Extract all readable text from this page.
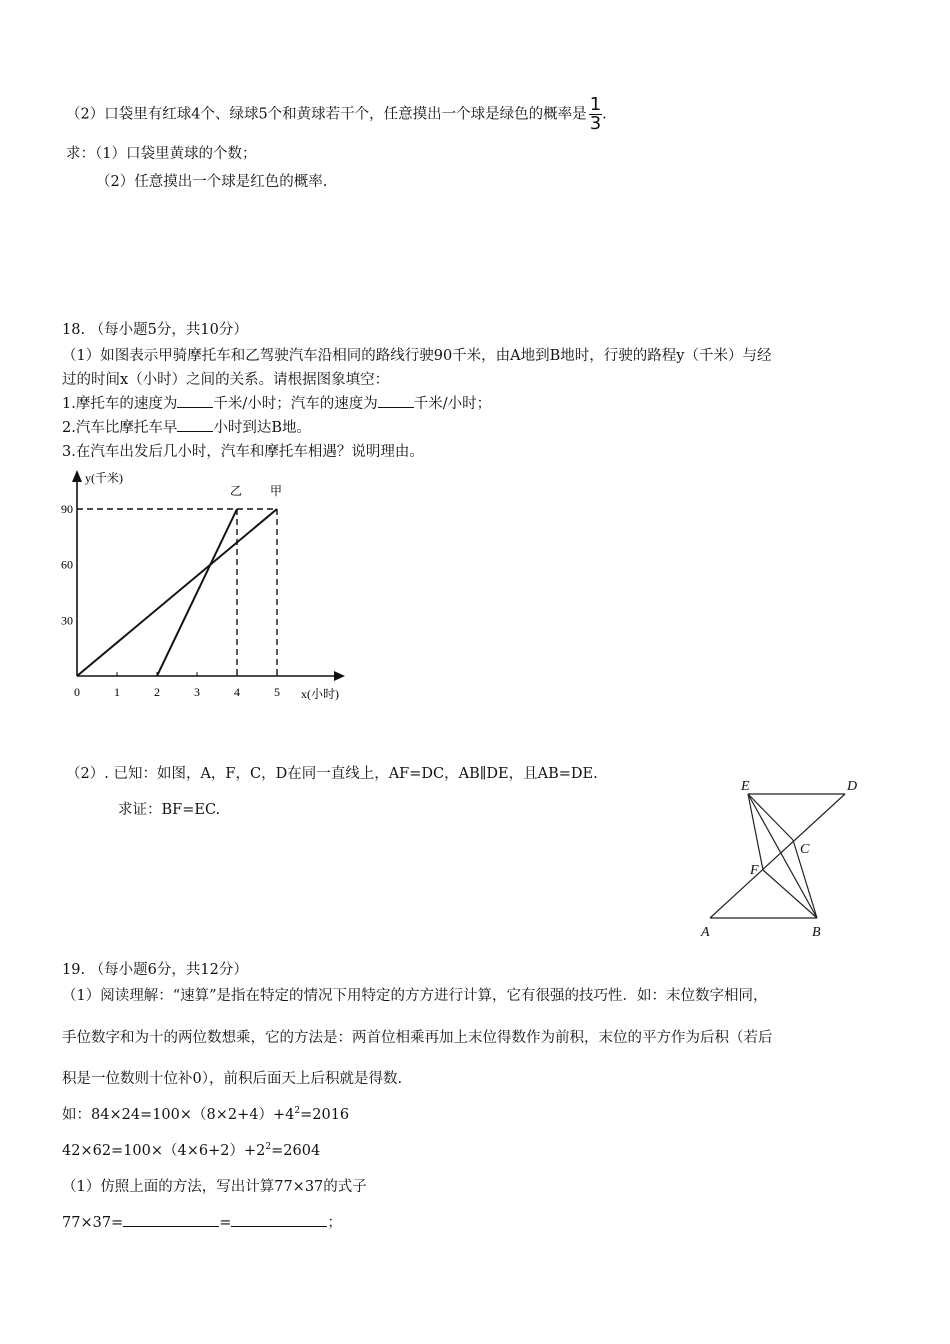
（2）口袋里有红球4个、绿球5个和黄球若干个，任意摸出一个球是绿色的概率是 $\frac{1}{3}$ .
求：（1）口袋里黄球的个数；
（2）任意摸出一个球是红色的概率.
18. （每小题5分，共10分）
（1）如图表示甲骑摩托车和乙驾驶汽车沿相同的路线行驶90千米，由A地到B地时，行驶的路程y（千米）与经
过的时间x（小时）之间的关系。请根据图象填空：
1.摩托车的速度为 千米/小时；汽车的速度为 千米/小时；
2.汽车比摩托车早 小时到达B地。
3.在汽车出发后几小时，汽车和摩托车相遇？说明理由。
y(千米)
x(小时)
0	1	2	3	4	5
30
60
90
甲
乙
（2）. 已知：如图，A，F，C，D在同一直线上，AF=DC，AB∥DE，且AB=DE.
求证：BF=EC.
E	D
C
F
A	B
19. （每小题6分，共12分）
（1）阅读理解：“速算”是指在特定的情况下用特定的方方进行计算，它有很强的技巧性．如：末位数字相同，
手位数字和为十的两位数想乘，它的方法是：两首位相乘再加上末位得数作为前积，末位的平方作为后积（若后
积是一位数则十位补0），前积后面天上后积就是得数.
如：$84\times 24=100\times(8\times 2+4)+4^2=2016$
$42\times 62=100\times(4\times 6+2)+2^2=2604$
（1）仿照上面的方法，写出计算77×37的式子
77×37=	=	；
